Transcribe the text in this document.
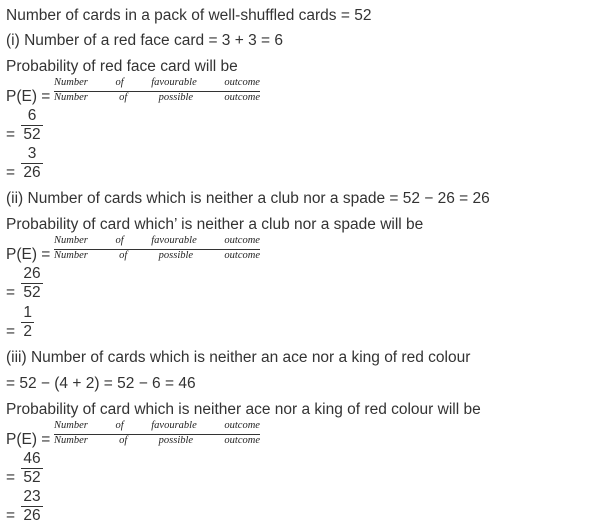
Number of cards in a pack of well-shuffled cards = 52
(i) Number of a red face card = 3 + 3 = 6
Probability of red face card will be
P(E) =
Number	of	favourable	outcome
Number	of	possible	outcome
= $\frac{6}{52}$
= $\frac{3}{26}$
(ii) Number of cards which is neither a club nor a spade = 52 − 26 = 26
Probability of card which’ is neither a club nor a spade will be
P(E) =
Number	of	favourable	outcome
Number	of	possible	outcome
= $\frac{26}{52}$
= $\frac{1}{2}$
(iii) Number of cards which is neither an ace nor a king of red colour
= 52 − (4 + 2) = 52 − 6 = 46
Probability of card which is neither ace nor a king of red colour will be
P(E) =
Number	of	favourable	outcome
Number	of	possible	outcome
= $\frac{46}{52}$
= $\frac{23}{26}$
